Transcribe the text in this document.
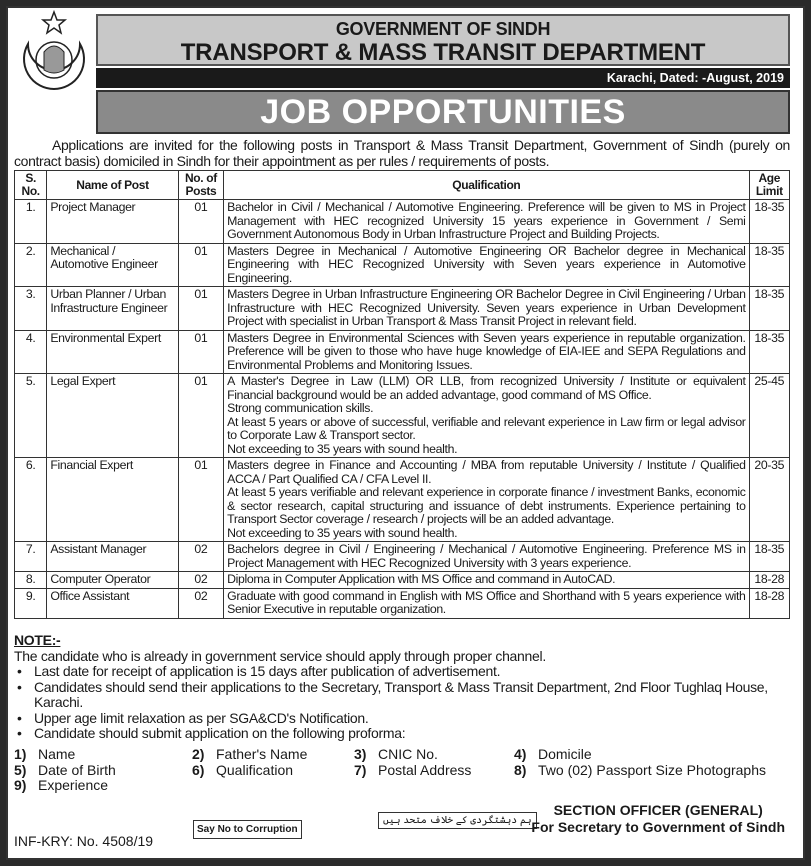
GOVERNMENT OF SINDH
TRANSPORT & MASS TRANSIT DEPARTMENT
Karachi, Dated: -August, 2019
JOB OPPORTUNITIES
Applications are invited for the following posts in Transport & Mass Transit Department, Government of Sindh (purely on contract basis) domiciled in Sindh for their appointment as per rules / requirements of posts.
S. No.	Name of Post	No. of Posts	Qualification	Age Limit
1.	Project Manager	01	Bachelor in Civil / Mechanical / Automotive Engineering. Preference will be given to MS in Project Management with HEC recognized University 15 years experience in Government / Semi Government Autonomous Body in Urban Infrastructure Project and Building Projects.	18-35
2.	Mechanical / Automotive Engineer	01	Masters Degree in Mechanical / Automotive Engineering OR Bachelor degree in Mechanical Engineering with HEC Recognized University with Seven years experience in Automotive Engineering.	18-35
3.	Urban Planner / Urban Infrastructure Engineer	01	Masters Degree in Urban Infrastructure Engineering OR Bachelor Degree in Civil Engineering / Urban Infrastructure with HEC Recognized University. Seven years experience in Urban Development Project with specialist in Urban Transport & Mass Transit Project in relevant field.	18-35
4.	Environmental Expert	01	Masters Degree in Environmental Sciences with Seven years experience in reputable organization. Preference will be given to those who have huge knowledge of EIA-IEE and SEPA Regulations and Environmental Problems and Monitoring Issues.	18-35
5.	Legal Expert	01	A Master's Degree in Law (LLM) OR LLB, from recognized University / Institute or equivalent Financial background would be an added advantage, good command of MS Office.
Strong communication skills.
At least 5 years or above of successful, verifiable and relevant experience in Law firm or legal advisor to Corporate Law & Transport sector.
Not exceeding to 35 years with sound health.	25-45
6.	Financial Expert	01	Masters degree in Finance and Accounting / MBA from reputable University / Institute / Qualified ACCA / Part Qualified CA / CFA Level II.
At least 5 years verifiable and relevant experience in corporate finance / investment Banks, economic & sector research, capital structuring and issuance of debt instruments. Experience pertaining to Transport Sector coverage / research / projects will be an added advantage.
Not exceeding to 35 years with sound health.	20-35
7.	Assistant Manager	02	Bachelors degree in Civil / Engineering / Mechanical / Automotive Engineering. Preference MS in Project Management with HEC Recognized University with 3 years experience.	18-35
8.	Computer Operator	02	Diploma in Computer Application with MS Office and command in AutoCAD.	18-28
9.	Office Assistant	02	Graduate with good command in English with MS Office and Shorthand with 5 years experience with Senior Executive in reputable organization.	18-28
NOTE:-
The candidate who is already in government service should apply through proper channel.
• Last date for receipt of application is 15 days after publication of advertisement.
• Candidates should send their applications to the Secretary, Transport & Mass Transit Department, 2nd Floor Tughlaq House, Karachi.
• Upper age limit relaxation as per SGA&CD's Notification.
• Candidate should submit application on the following proforma:
1) Name	2) Father's Name	3) CNIC No.	4) Domicile
5) Date of Birth	6) Qualification	7) Postal Address	8) Two (02) Passport Size Photographs
9) Experience
Say No to Corruption
ہم دہشتگردی کے خلاف متحد ہیں
SECTION OFFICER (GENERAL)
For Secretary to Government of Sindh
INF-KRY: No. 4508/19
